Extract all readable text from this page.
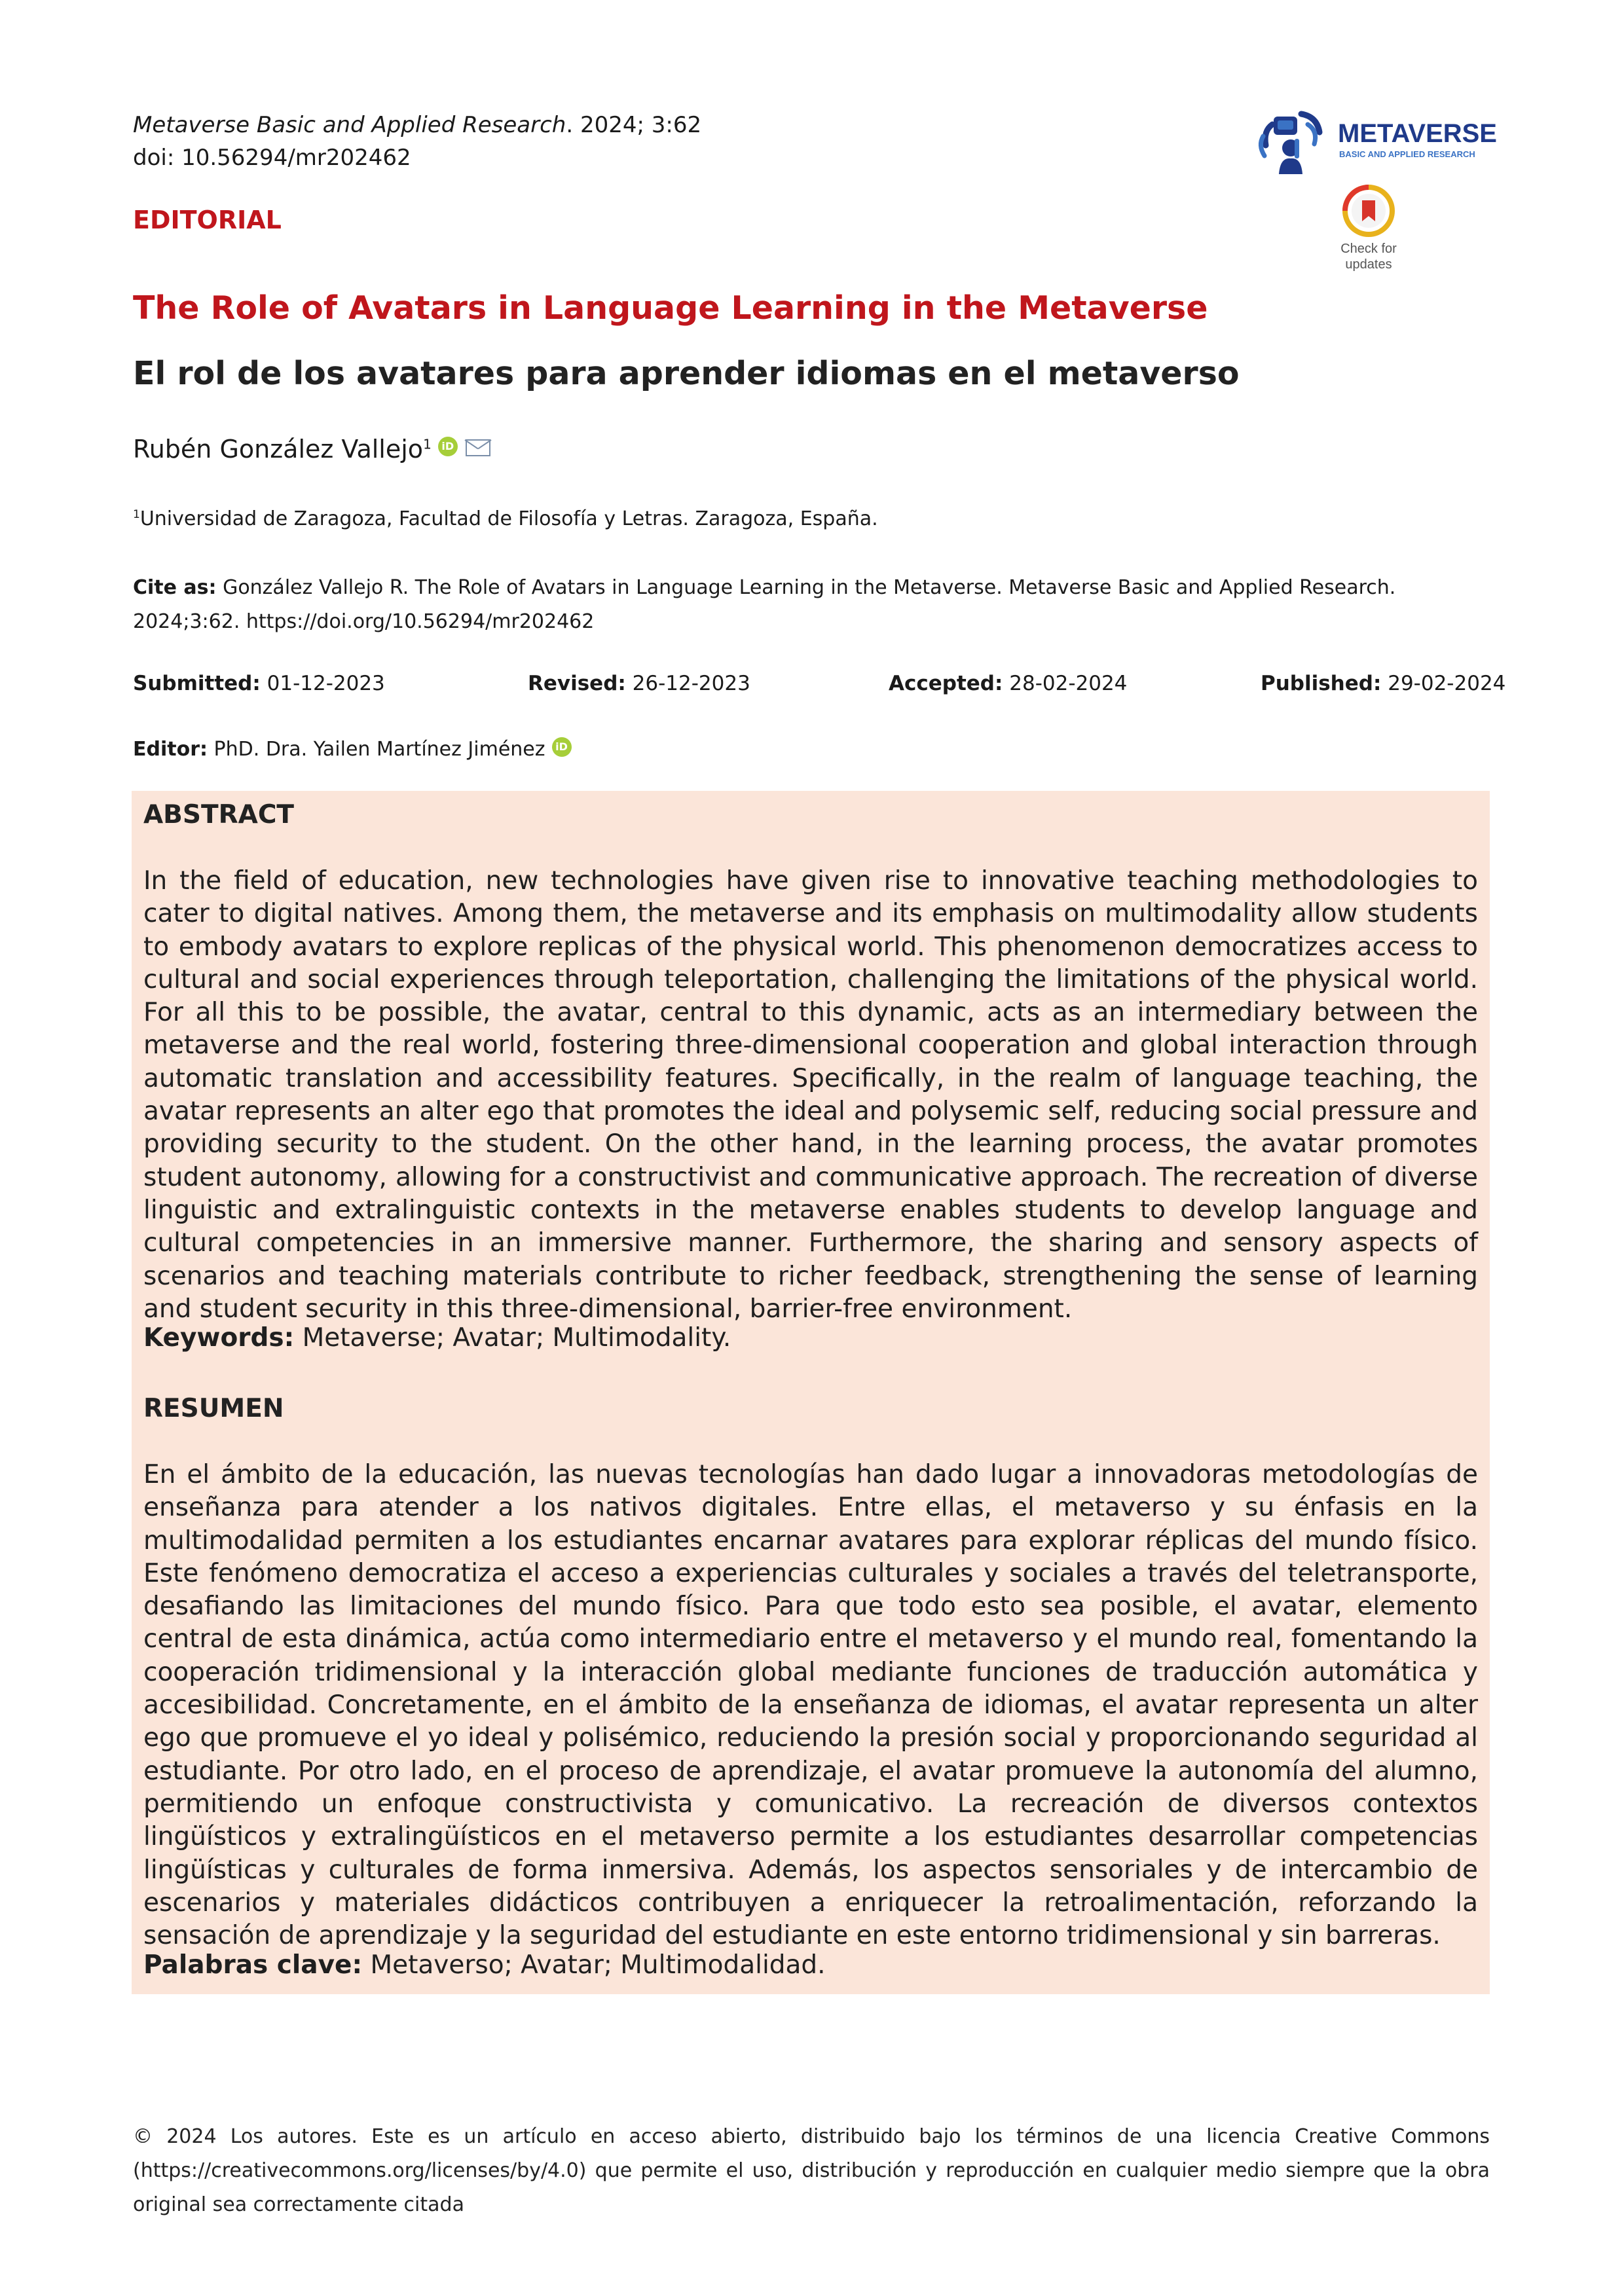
Metaverse Basic and Applied Research. 2024; 3:62
doi: 10.56294/mr202462
EDITORIAL
METAVERSE
BASIC AND APPLIED RESEARCH
Check for
updates
The Role of Avatars in Language Learning in the Metaverse
El rol de los avatares para aprender idiomas en el metaverso
Rubén González Vallejo$^1$ iD
$^1$Universidad de Zaragoza, Facultad de Filosofía y Letras. Zaragoza, España.
Cite as: González Vallejo R. The Role of Avatars in Language Learning in the Metaverse. Metaverse Basic and Applied Research. 2024;3:62. https://doi.org/10.56294/mr202462
Submitted: 01-12-2023	Revised: 26-12-2023	Accepted: 28-02-2024	Published: 29-02-2024
Editor: PhD. Dra. Yailen Martínez Jiménez iD
ABSTRACT
In the field of education, new technologies have given rise to innovative teaching methodologies to cater to digital natives. Among them, the metaverse and its emphasis on multimodality allow students to embody avatars to explore replicas of the physical world. This phenomenon democratizes access to cultural and social experiences through teleportation, challenging the limitations of the physical world. For all this to be possible, the avatar, central to this dynamic, acts as an intermediary between the metaverse and the real world, fostering three-dimensional cooperation and global interaction through automatic translation and accessibility features. Specifically, in the realm of language teaching, the avatar represents an alter ego that promotes the ideal and polysemic self, reducing social pressure and providing security to the student. On the other hand, in the learning process, the avatar promotes student autonomy, allowing for a constructivist and communicative approach. The recreation of diverse linguistic and extralinguistic contexts in the metaverse enables students to develop language and cultural competencies in an immersive manner. Furthermore, the sharing and sensory aspects of scenarios and teaching materials contribute to richer feedback, strengthening the sense of learning and student security in this three-dimensional, barrier-free environment.
Keywords: Metaverse; Avatar; Multimodality.
RESUMEN
En el ámbito de la educación, las nuevas tecnologías han dado lugar a innovadoras metodologías de enseñanza para atender a los nativos digitales. Entre ellas, el metaverso y su énfasis en la multimodalidad permiten a los estudiantes encarnar avatares para explorar réplicas del mundo físico. Este fenómeno democratiza el acceso a experiencias culturales y sociales a través del teletransporte, desafiando las limitaciones del mundo físico. Para que todo esto sea posible, el avatar, elemento central de esta dinámica, actúa como intermediario entre el metaverso y el mundo real, fomentando la cooperación tridimensional y la interacción global mediante funciones de traducción automática y accesibilidad. Concretamente, en el ámbito de la enseñanza de idiomas, el avatar representa un alter ego que promueve el yo ideal y polisémico, reduciendo la presión social y proporcionando seguridad al estudiante. Por otro lado, en el proceso de aprendizaje, el avatar promueve la autonomía del alumno, permitiendo un enfoque constructivista y comunicativo. La recreación de diversos contextos lingüísticos y extralingüísticos en el metaverso permite a los estudiantes desarrollar competencias lingüísticas y culturales de forma inmersiva. Además, los aspectos sensoriales y de intercambio de escenarios y materiales didácticos contribuyen a enriquecer la retroalimentación, reforzando la sensación de aprendizaje y la seguridad del estudiante en este entorno tridimensional y sin barreras.
Palabras clave: Metaverso; Avatar; Multimodalidad.
© 2024 Los autores. Este es un artículo en acceso abierto, distribuido bajo los términos de una licencia Creative Commons (https://creativecommons.org/licenses/by/4.0) que permite el uso, distribución y reproducción en cualquier medio siempre que la obra original sea correctamente citada
